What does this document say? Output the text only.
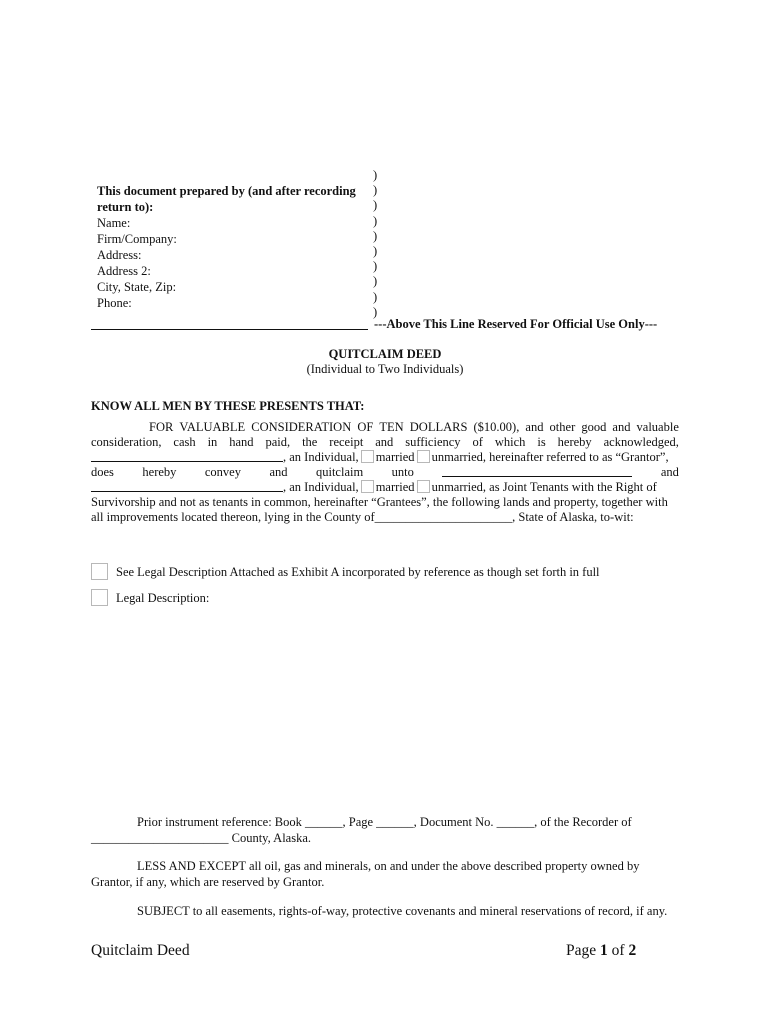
This document prepared by (and after recording
return to):
Name:
Firm/Company:
Address:
Address 2:
City, State, Zip:
Phone:
)
)
)
)
)
)
)
)
)
)
---Above This Line Reserved For Official Use Only---
QUITCLAIM DEED
(Individual to Two Individuals)
KNOW ALL MEN BY THESE PRESENTS THAT:
FOR VALUABLE CONSIDERATION OF TEN DOLLARS ($10.00), and other good and valuable
consideration, cash in hand paid, the receipt and sufficiency of which is hereby acknowledged,
, an Individual, married unmarried, hereinafter referred to as “Grantor”,
does hereby convey and quitclaim unto	and
, an Individual, married unmarried, as Joint Tenants with the Right of
Survivorship and not as tenants in common, hereinafter “Grantees”, the following lands and property, together with
all improvements located thereon, lying in the County of ______________________ , State of Alaska, to-wit:
See Legal Description Attached as Exhibit A incorporated by reference as though set forth in full
Legal Description:
Prior instrument reference: Book ______, Page ______, Document No. ______, of the Recorder of
______________________ County, Alaska.
LESS AND EXCEPT all oil, gas and minerals, on and under the above described property owned by
Grantor, if any, which are reserved by Grantor.
SUBJECT to all easements, rights-of-way, protective covenants and mineral reservations of record, if any.
Quitclaim Deed	Page 1 of 2
